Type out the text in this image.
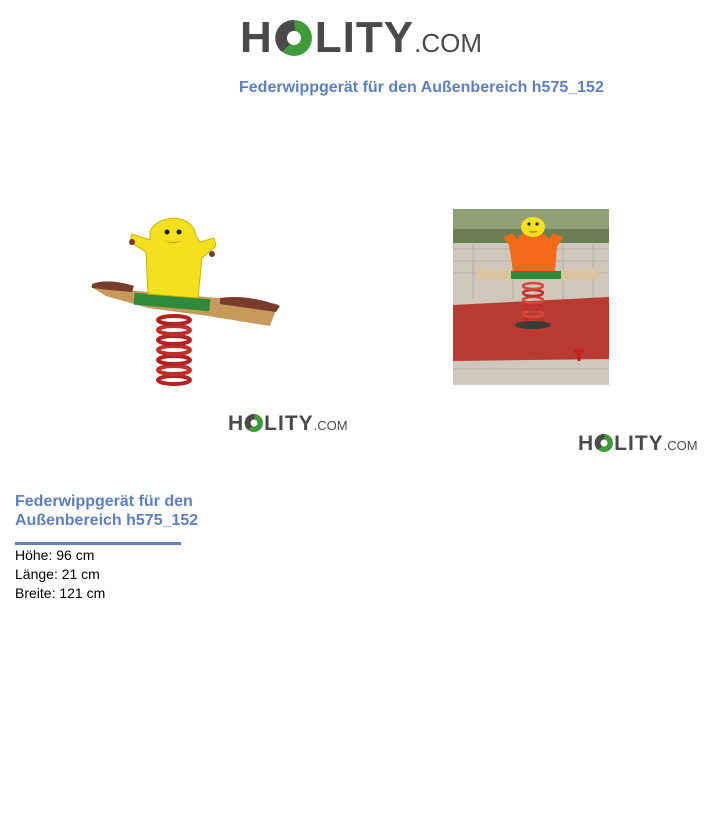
H LITY .COM
Federwippgerät für den Außenbereich h575_152
H LITY .COM
H LITY .COM
Federwippgerät für den Außenbereich h575_152
Höhe: 96 cm
Länge: 21 cm
Breite: 121 cm
